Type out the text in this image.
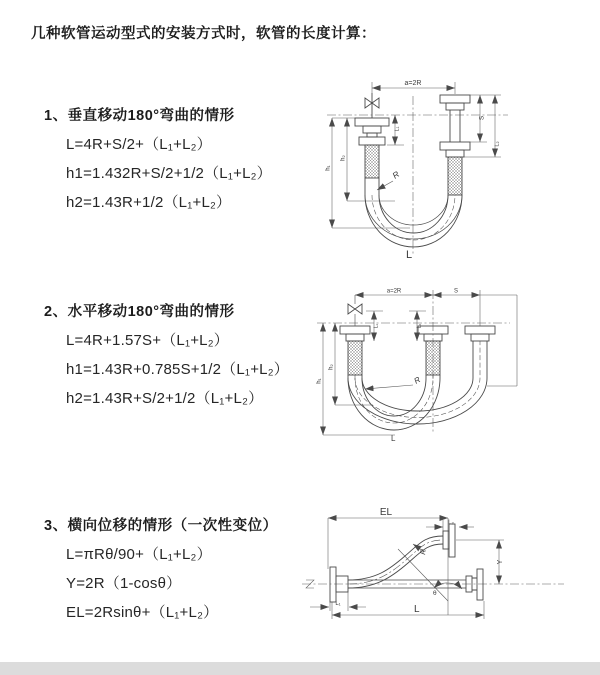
几种软管运动型式的安装方式时，软管的长度计算：
1、垂直移动180°弯曲的情形
L=4R+S/2+（L₁+L₂）
h1=1.432R+S/2+1/2（L₁+L₂）
h2=1.43R+1/2（L₁+L₂）
2、水平移动180°弯曲的情形
L=4R+1.57S+（L₁+L₂）
h1=1.43R+0.785S+1/2（L₁+L₂）
h2=1.43R+S/2+1/2（L₁+L₂）
3、横向位移的情形（一次性变位）
L=πRθ/90+（L₁+L₂）
Y=2R（1-cosθ）
EL=2Rsinθ+（L₁+L₂）
a=2R
h₁
h₂
L₁
S
L₂
R
L
a=2R	S
h₁
h₂
L₁	L₂
R
L
EL
L₂
Y
R
θ
L
L₁
